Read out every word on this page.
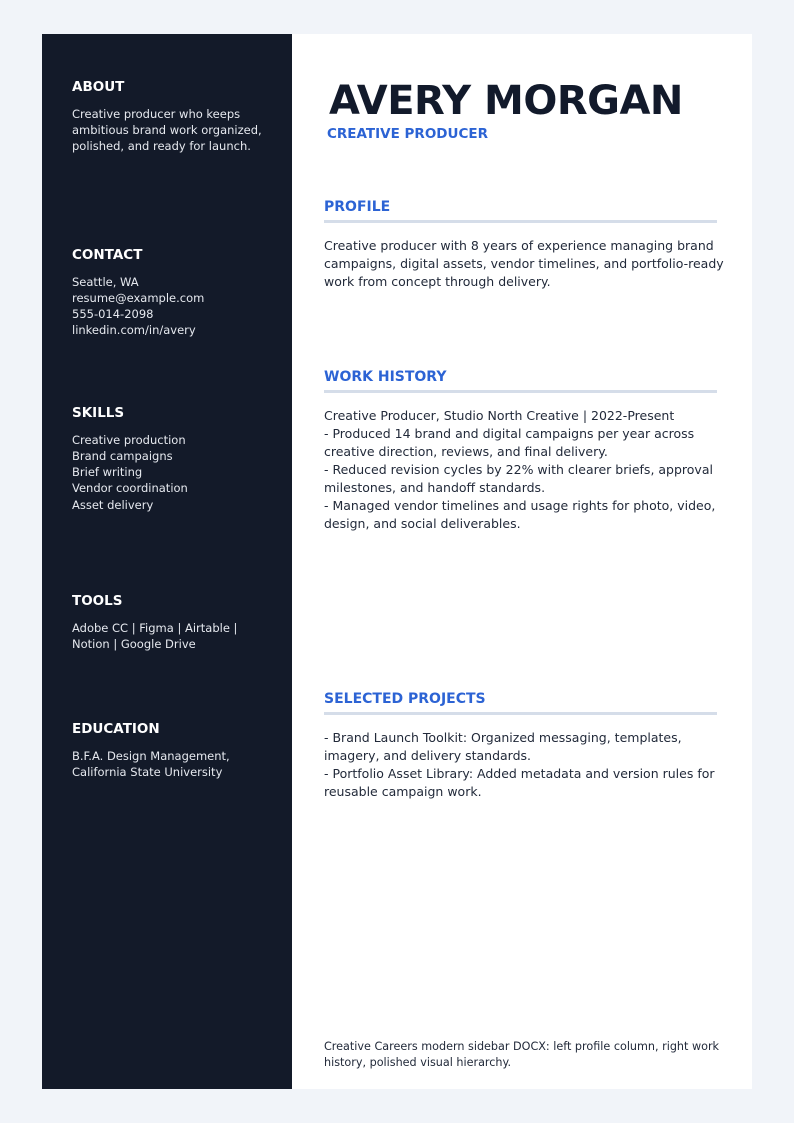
ABOUT
Creative producer who keeps
ambitious brand work organized,
polished, and ready for launch.
CONTACT
Seattle, WA
resume@example.com
555-014-2098
linkedin.com/in/avery
SKILLS
Creative production
Brand campaigns
Brief writing
Vendor coordination
Asset delivery
TOOLS
Adobe CC | Figma | Airtable |
Notion | Google Drive
EDUCATION
B.F.A. Design Management,
California State University
AVERY MORGAN
CREATIVE PRODUCER
PROFILE
Creative producer with 8 years of experience managing brand
campaigns, digital assets, vendor timelines, and portfolio-ready
work from concept through delivery.
WORK HISTORY
Creative Producer, Studio North Creative | 2022-Present
- Produced 14 brand and digital campaigns per year across
creative direction, reviews, and final delivery.
- Reduced revision cycles by 22% with clearer briefs, approval
milestones, and handoff standards.
- Managed vendor timelines and usage rights for photo, video,
design, and social deliverables.
SELECTED PROJECTS
- Brand Launch Toolkit: Organized messaging, templates,
imagery, and delivery standards.
- Portfolio Asset Library: Added metadata and version rules for
reusable campaign work.
Creative Careers modern sidebar DOCX: left profile column, right work
history, polished visual hierarchy.
